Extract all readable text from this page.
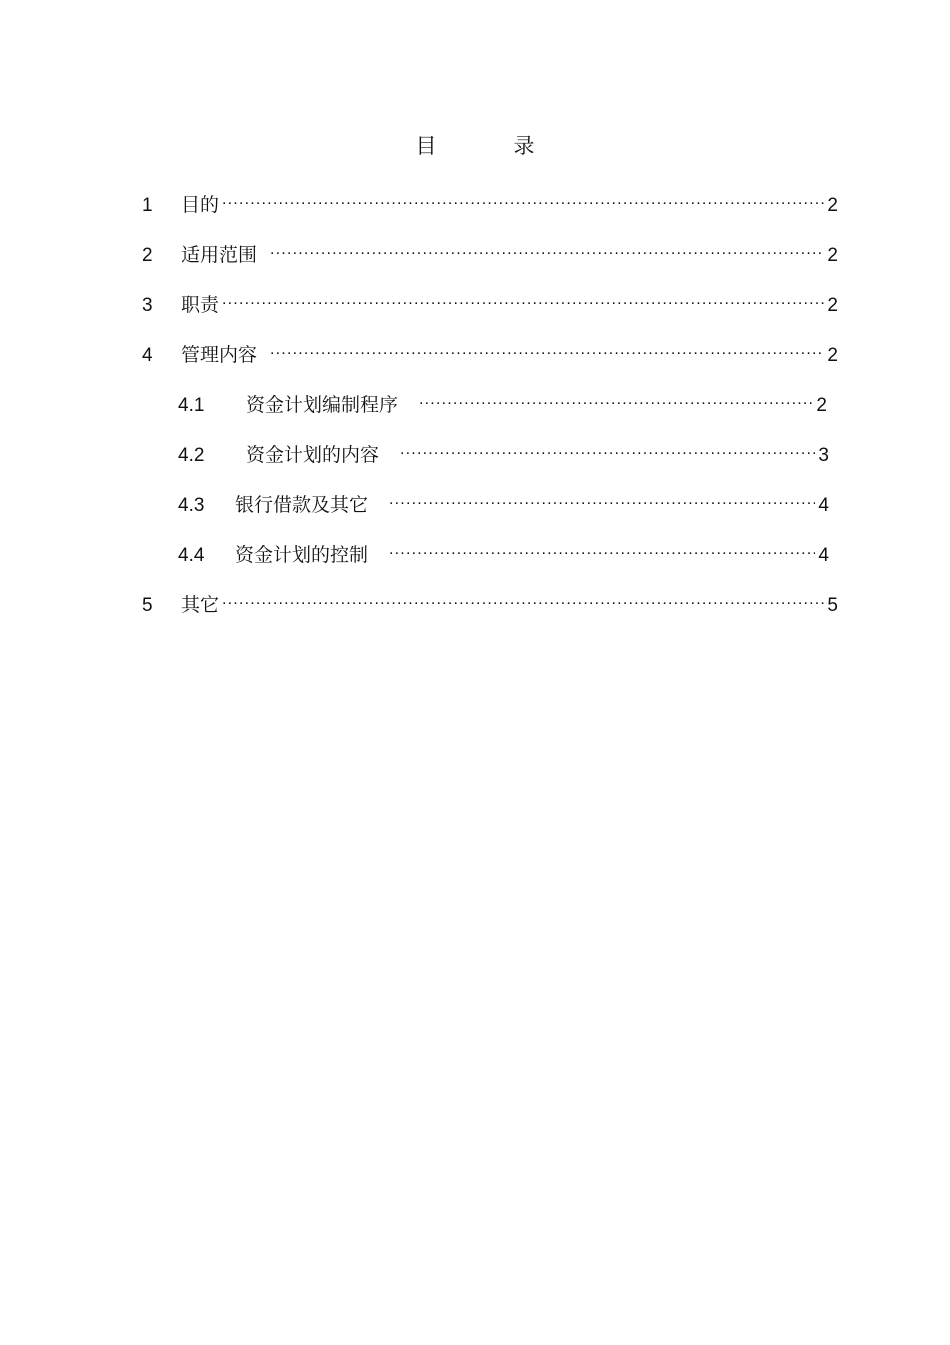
目　录
1	目的 .....	2
2	适用范围 .....	2
3	职责 .....	2
4	管理内容 .....	2
4.1	资金计划编制程序 .....	2
4.2	资金计划的内容 .....	3
4.3	银行借款及其它 .....	4
4.4	资金计划的控制 .....	4
5	其它 .....	5
